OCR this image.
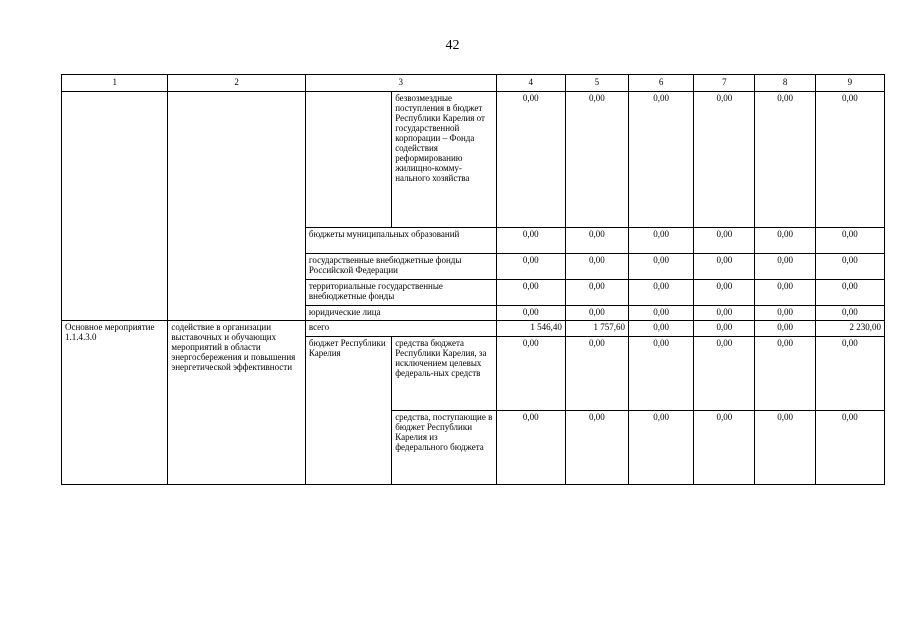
42
1	2	3		4	5	6	7	8	9
			безвозмездные поступления в бюджет Республики Карелия от государственной корпорации – Фонда содействия реформированию жилищно-комму-нального хозяйства	0,00	0,00	0,00	0,00	0,00	0,00
		бюджеты муниципальных образований		0,00	0,00	0,00	0,00	0,00	0,00
		государственные внебюджетные фонды Российской Федерации		0,00	0,00	0,00	0,00	0,00	0,00
		территориальные государственные внебюджетные фонды		0,00	0,00	0,00	0,00	0,00	0,00
		юридические лица		0,00	0,00	0,00	0,00	0,00	0,00

Основное мероприятие 1.1.4.3.0	содействие в организации выставочных и обучающих мероприятий в области энергосбережения и повышения энергетической эффективности	всего		1 546,40	1 757,60	0,00	0,00	0,00	2 230,00
		бюджет Республики Карелия	средства бюджета Республики Карелия, за исключением целевых федераль-ных средств	0,00	0,00	0,00	0,00	0,00	0,00
			средства, поступающие в бюджет Республики Карелия из федерального бюджета	0,00	0,00	0,00	0,00	0,00	0,00
